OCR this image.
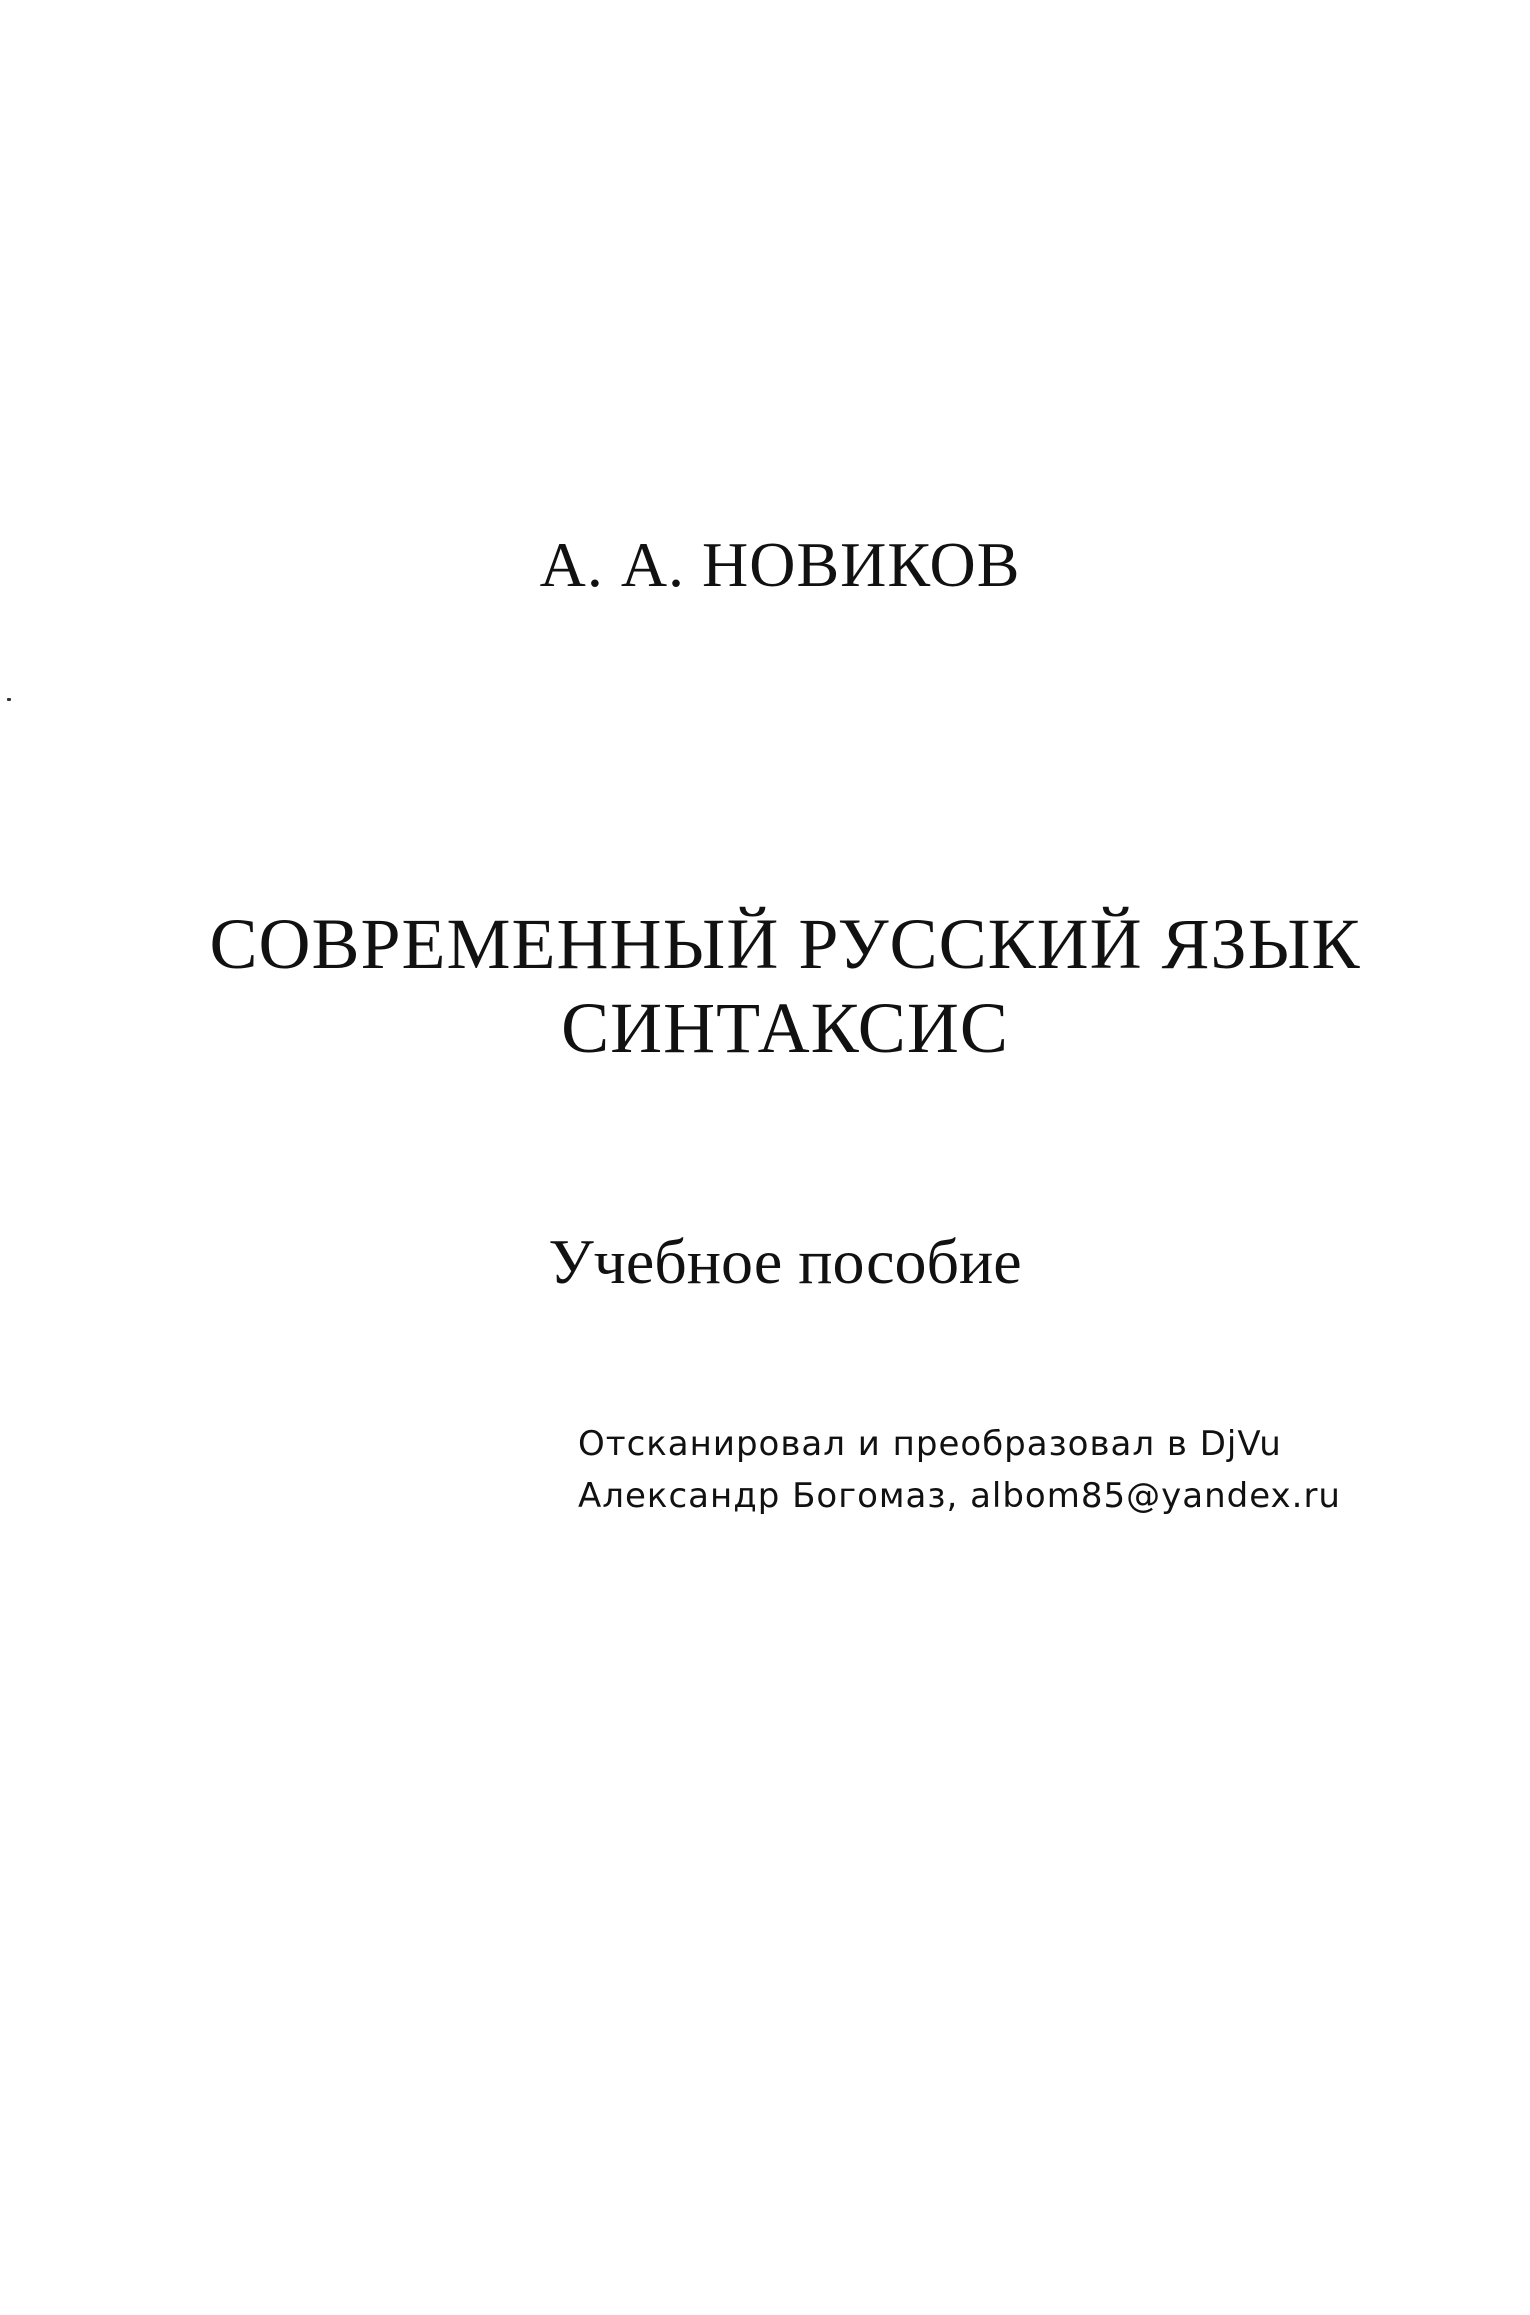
А. А. НОВИКОВ
СОВРЕМЕННЫЙ РУССКИЙ ЯЗЫК
СИНТАКСИС
Учебное пособие
Отсканировал и преобразовал в DjVu
Александр Богомаз, albom85@yandex.ru
